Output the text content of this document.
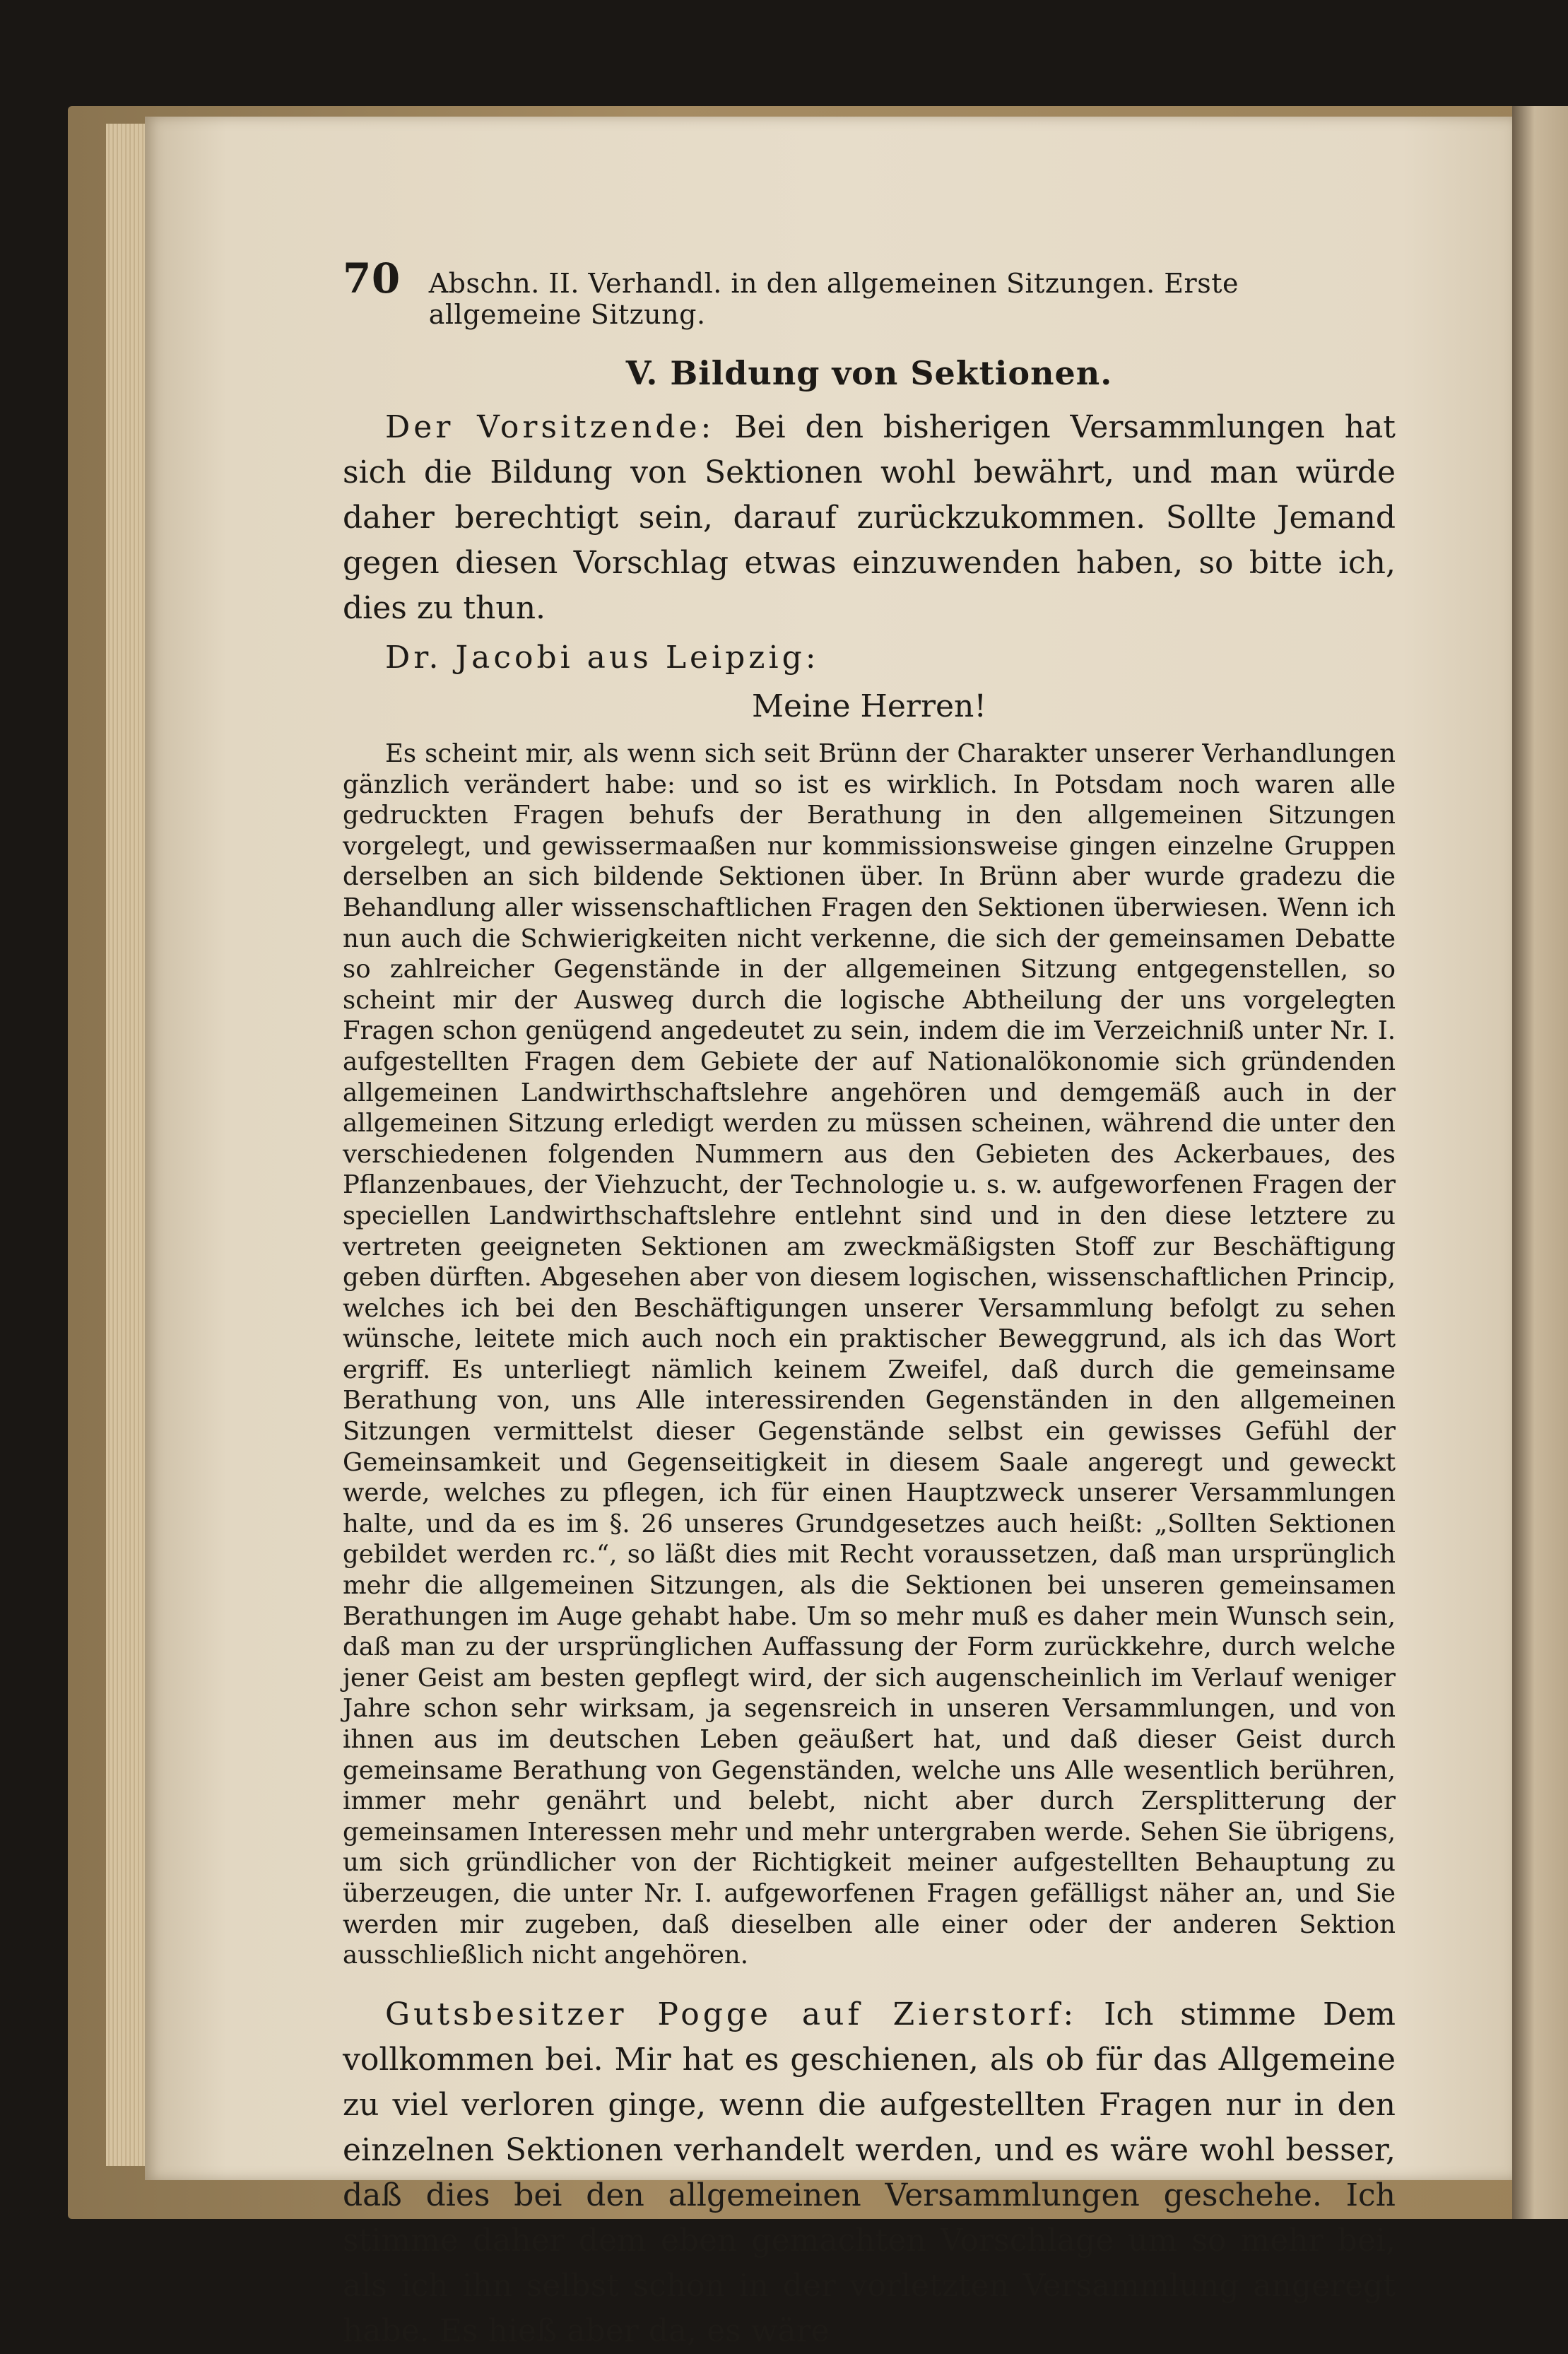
70 Abschn. II. Verhandl. in den allgemeinen Sitzungen. Erste allgemeine Sitzung.
V. Bildung von Sektionen.

Der Vorsitzende: Bei den bisherigen Versammlungen hat sich die Bildung von Sektionen wohl bewährt, und man würde daher berechtigt sein, darauf zurückzukommen. Sollte Jemand gegen diesen Vorschlag etwas einzuwenden haben, so bitte ich, dies zu thun.

Dr. Jacobi aus Leipzig:

Meine Herren!

Es scheint mir, als wenn sich seit Brünn der Charakter unserer Verhandlungen gänzlich verändert habe: und so ist es wirklich. In Potsdam noch waren alle gedruckten Fragen behufs der Berathung in den allgemeinen Sitzungen vorgelegt, und gewissermaaßen nur kommissionsweise gingen einzelne Gruppen derselben an sich bildende Sektionen über. In Brünn aber wurde gradezu die Behandlung aller wissenschaftlichen Fragen den Sektionen überwiesen. Wenn ich nun auch die Schwierigkeiten nicht verkenne, die sich der gemeinsamen Debatte so zahlreicher Gegenstände in der allgemeinen Sitzung entgegenstellen, so scheint mir der Ausweg durch die logische Abtheilung der uns vorgelegten Fragen schon genügend angedeutet zu sein, indem die im Verzeichniß unter Nr. I. aufgestellten Fragen dem Gebiete der auf Nationalökonomie sich gründenden allgemeinen Landwirthschaftslehre angehören und demgemäß auch in der allgemeinen Sitzung erledigt werden zu müssen scheinen, während die unter den verschiedenen folgenden Nummern aus den Gebieten des Ackerbaues, des Pflanzenbaues, der Viehzucht, der Technologie u. s. w. aufgeworfenen Fragen der speciellen Landwirthschaftslehre entlehnt sind und in den diese letztere zu vertreten geeigneten Sektionen am zweckmäßigsten Stoff zur Beschäftigung geben dürften. Abgesehen aber von diesem logischen, wissenschaftlichen Princip, welches ich bei den Beschäftigungen unserer Versammlung befolgt zu sehen wünsche, leitete mich auch noch ein praktischer Beweggrund, als ich das Wort ergriff. Es unterliegt nämlich keinem Zweifel, daß durch die gemeinsame Berathung von, uns Alle interessirenden Gegenständen in den allgemeinen Sitzungen vermittelst dieser Gegenstände selbst ein gewisses Gefühl der Gemeinsamkeit und Gegenseitigkeit in diesem Saale angeregt und geweckt werde, welches zu pflegen, ich für einen Hauptzweck unserer Versammlungen halte, und da es im §. 26 unseres Grundgesetzes auch heißt: „Sollten Sektionen gebildet werden rc.“, so läßt dies mit Recht voraussetzen, daß man ursprünglich mehr die allgemeinen Sitzungen, als die Sektionen bei unseren gemeinsamen Berathungen im Auge gehabt habe. Um so mehr muß es daher mein Wunsch sein, daß man zu der ursprünglichen Auffassung der Form zurückkehre, durch welche jener Geist am besten gepflegt wird, der sich augenscheinlich im Verlauf weniger Jahre schon sehr wirksam, ja segensreich in unseren Versammlungen, und von ihnen aus im deutschen Leben geäußert hat, und daß dieser Geist durch gemeinsame Berathung von Gegenständen, welche uns Alle wesentlich berühren, immer mehr genährt und belebt, nicht aber durch Zersplitterung der gemeinsamen Interessen mehr und mehr untergraben werde. Sehen Sie übrigens, um sich gründlicher von der Richtigkeit meiner aufgestellten Behauptung zu überzeugen, die unter Nr. I. aufgeworfenen Fragen gefälligst näher an, und Sie werden mir zugeben, daß dieselben alle einer oder der anderen Sektion ausschließlich nicht angehören.

Gutsbesitzer Pogge auf Zierstorf: Ich stimme Dem vollkommen bei. Mir hat es geschienen, als ob für das Allgemeine zu viel verloren ginge, wenn die aufgestellten Fragen nur in den einzelnen Sektionen verhandelt werden, und es wäre wohl besser, daß dies bei den allgemeinen Versammlungen geschehe. Ich stimme daher dem eben gemachten Vorschlage um so mehr bei, als ich ihn selbst schon in der vorletzten Versammlung angeregt habe. Es hieß aber da, es wäre
